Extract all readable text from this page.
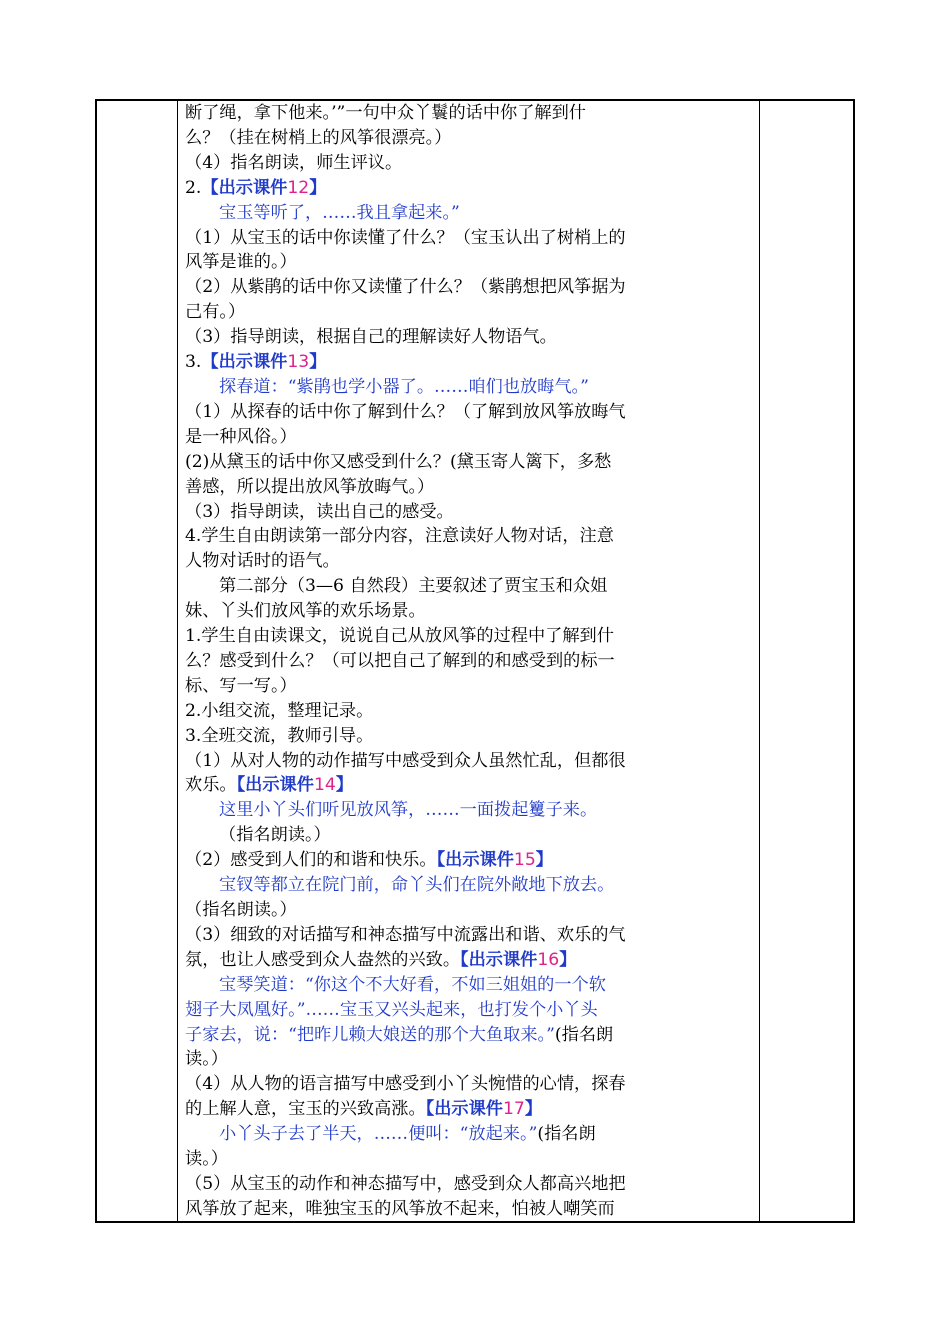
断了绳，拿下他来。’”一句中众丫鬟的话中你了解到什
么？（挂在树梢上的风筝很漂亮。）
（4）指名朗读，师生评议。
2.【出示课件12】
宝玉等听了，……我且拿起来。”
（1）从宝玉的话中你读懂了什么？（宝玉认出了树梢上的
风筝是谁的。）
（2）从紫鹃的话中你又读懂了什么？（紫鹃想把风筝据为
己有。）
（3）指导朗读，根据自己的理解读好人物语气。
3.【出示课件13】
探春道：“紫鹃也学小器了。……咱们也放晦气。”
（1）从探春的话中你了解到什么？（了解到放风筝放晦气
是一种风俗。）
(2)从黛玉的话中你又感受到什么？(黛玉寄人篱下，多愁
善感，所以提出放风筝放晦气。）
（3）指导朗读，读出自己的感受。
4.学生自由朗读第一部分内容，注意读好人物对话，注意
人物对话时的语气。
第二部分（3—6 自然段）主要叙述了贾宝玉和众姐
妹、丫头们放风筝的欢乐场景。
1.学生自由读课文，说说自己从放风筝的过程中了解到什
么？感受到什么？（可以把自己了解到的和感受到的标一
标、写一写。）
2.小组交流，整理记录。
3.全班交流，教师引导。
（1）从对人物的动作描写中感受到众人虽然忙乱，但都很
欢乐。【出示课件14】
这里小丫头们听见放风筝，……一面拨起籰子来。
（指名朗读。）
（2）感受到人们的和谐和快乐。【出示课件15】
宝钗等都立在院门前，命丫头们在院外敞地下放去。
（指名朗读。）
（3）细致的对话描写和神态描写中流露出和谐、欢乐的气
氛，也让人感受到众人盎然的兴致。【出示课件16】
宝琴笑道：“你这个不大好看，不如三姐姐的一个软
翅子大凤凰好。”……宝玉又兴头起来，也打发个小丫头
子家去，说：“把昨儿赖大娘送的那个大鱼取来。”(指名朗
读。）
（4）从人物的语言描写中感受到小丫头惋惜的心情，探春
的上解人意，宝玉的兴致高涨。【出示课件17】
小丫头子去了半天，……便叫：“放起来。”(指名朗
读。）
（5）从宝玉的动作和神态描写中，感受到众人都高兴地把
风筝放了起来，唯独宝玉的风筝放不起来，怕被人嘲笑而
